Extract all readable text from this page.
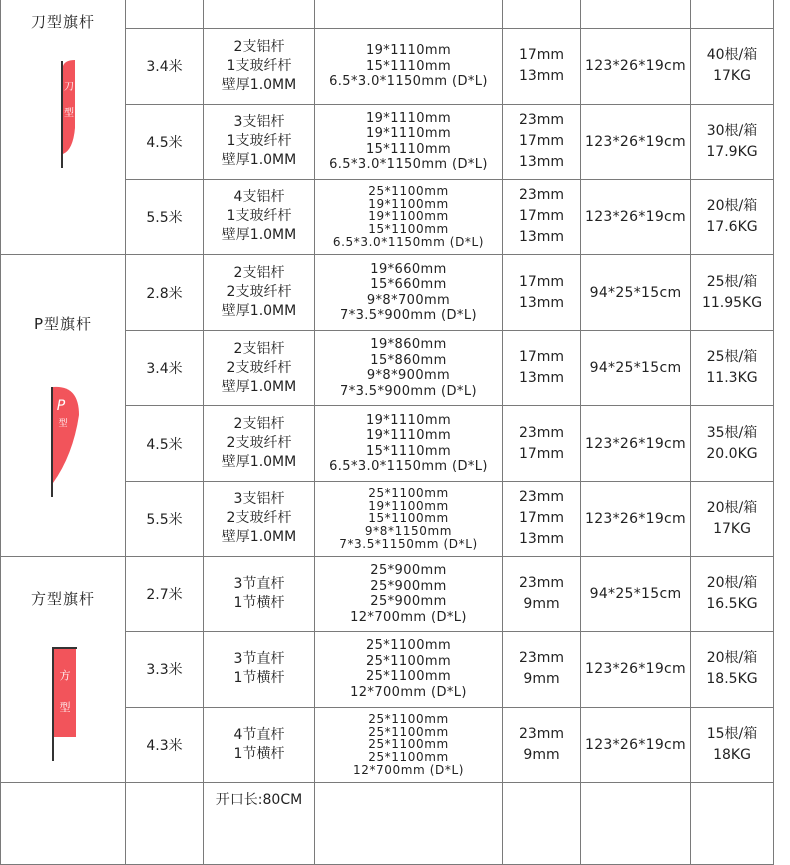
刀型旗杆
刀
型

	3.4米	2支铝杆
1支玻纤杆
壁厚1.0MM	19*1110mm
15*1110mm
6.5*3.0*1150mm (D*L)	17mm
13mm	123*26*19cm	40根/箱
17KG

	4.5米	3支铝杆
1支玻纤杆
壁厚1.0MM	19*1110mm
19*1110mm
15*1110mm
6.5*3.0*1150mm (D*L)	23mm
17mm
13mm	123*26*19cm	30根/箱
17.9KG

	5.5米	4支铝杆
1支玻纤杆
壁厚1.0MM	25*1100mm
19*1100mm
19*1100mm
15*1100mm
6.5*3.0*1150mm (D*L)	23mm
17mm
13mm	123*26*19cm	20根/箱
17.6KG

P型旗杆
P
型	2.8米	2支铝杆
2支玻纤杆
壁厚1.0MM	19*660mm
15*660mm
9*8*700mm
7*3.5*900mm (D*L)	17mm
13mm	94*25*15cm	25根/箱
11.95KG

	3.4米	2支铝杆
2支玻纤杆
壁厚1.0MM	19*860mm
15*860mm
9*8*900mm
7*3.5*900mm (D*L)	17mm
13mm	94*25*15cm	25根/箱
11.3KG

	4.5米	2支铝杆
2支玻纤杆
壁厚1.0MM	19*1110mm
19*1110mm
15*1110mm
6.5*3.0*1150mm (D*L)	23mm
17mm	123*26*19cm	35根/箱
20.0KG

	5.5米	3支铝杆
2支玻纤杆
壁厚1.0MM	25*1100mm
19*1100mm
15*1100mm
9*8*1150mm
7*3.5*1150mm (D*L)	23mm
17mm
13mm	123*26*19cm	20根/箱
17KG

方型旗杆
方
型	2.7米	3节直杆
1节横杆	25*900mm
25*900mm
25*900mm
12*700mm (D*L)	23mm
9mm	94*25*15cm	20根/箱
16.5KG

	3.3米	3节直杆
1节横杆	25*1100mm
25*1100mm
25*1100mm
12*700mm (D*L)	23mm
9mm	123*26*19cm	20根/箱
18.5KG

	4.3米	4节直杆
1节横杆	25*1100mm
25*1100mm
25*1100mm
25*1100mm
12*700mm (D*L)	23mm
9mm	123*26*19cm	15根/箱
18KG

		开口长:80CM				
